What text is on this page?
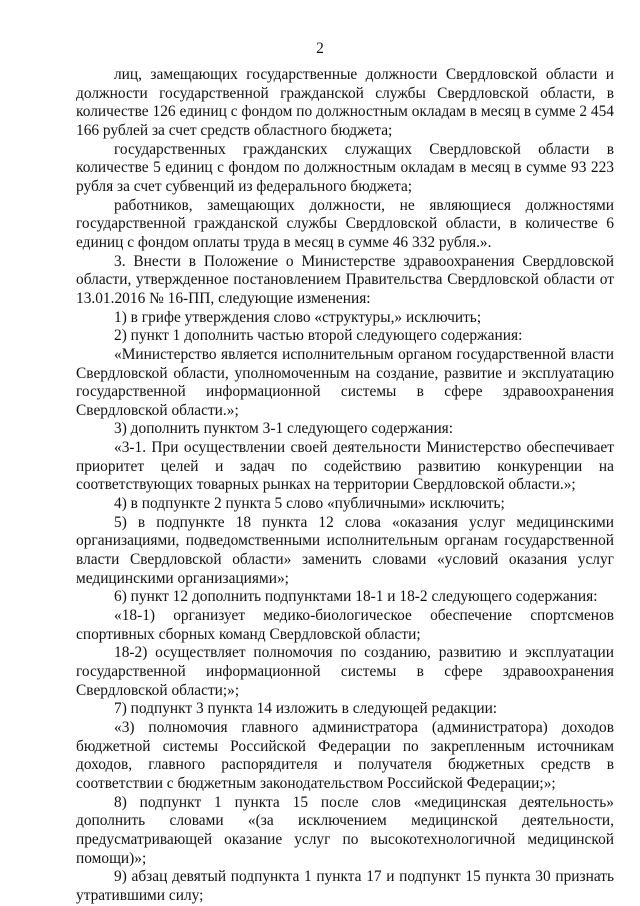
2

лиц, замещающих государственные должности Свердловской области и должности государственной гражданской службы Свердловской области, в количестве 126 единиц с фондом по должностным окладам в месяц в сумме 2 454 166 рублей за счет средств областного бюджета;

государственных гражданских служащих Свердловской области в количестве 5 единиц с фондом по должностным окладам в месяц в сумме 93 223 рубля за счет субвенций из федерального бюджета;

работников, замещающих должности, не являющиеся должностями государственной гражданской службы Свердловской области, в количестве 6 единиц с фондом оплаты труда в месяц в сумме 46 332 рубля.».

3. Внести в Положение о Министерстве здравоохранения Свердловской области, утвержденное постановлением Правительства Свердловской области от 13.01.2016 № 16-ПП, следующие изменения:

1) в грифе утверждения слово «структуры,» исключить;

2) пункт 1 дополнить частью второй следующего содержания:

«Министерство является исполнительным органом государственной власти Свердловской области, уполномоченным на создание, развитие и эксплуатацию государственной информационной системы в сфере здравоохранения Свердловской области.»;

3) дополнить пунктом 3-1 следующего содержания:

«3-1. При осуществлении своей деятельности Министерство обеспечивает приоритет целей и задач по содействию развитию конкуренции на соответствующих товарных рынках на территории Свердловской области.»;

4) в подпункте 2 пункта 5 слово «публичными» исключить;

5) в подпункте 18 пункта 12 слова «оказания услуг медицинскими организациями, подведомственными исполнительным органам государственной власти Свердловской области» заменить словами «условий оказания услуг медицинскими организациями»;

6) пункт 12 дополнить подпунктами 18-1 и 18-2 следующего содержания:

«18-1) организует медико-биологическое обеспечение спортсменов спортивных сборных команд Свердловской области;

18-2) осуществляет полномочия по созданию, развитию и эксплуатации государственной информационной системы в сфере здравоохранения Свердловской области;»;

7) подпункт 3 пункта 14 изложить в следующей редакции:

«3) полномочия главного администратора (администратора) доходов бюджетной системы Российской Федерации по закрепленным источникам доходов, главного распорядителя и получателя бюджетных средств в соответствии с бюджетным законодательством Российской Федерации;»;

8) подпункт 1 пункта 15 после слов «медицинская деятельность» дополнить словами «(за исключением медицинской деятельности, предусматривающей оказание услуг по высокотехнологичной медицинской помощи)»;

9) абзац девятый подпункта 1 пункта 17 и подпункт 15 пункта 30 признать утратившими силу;
